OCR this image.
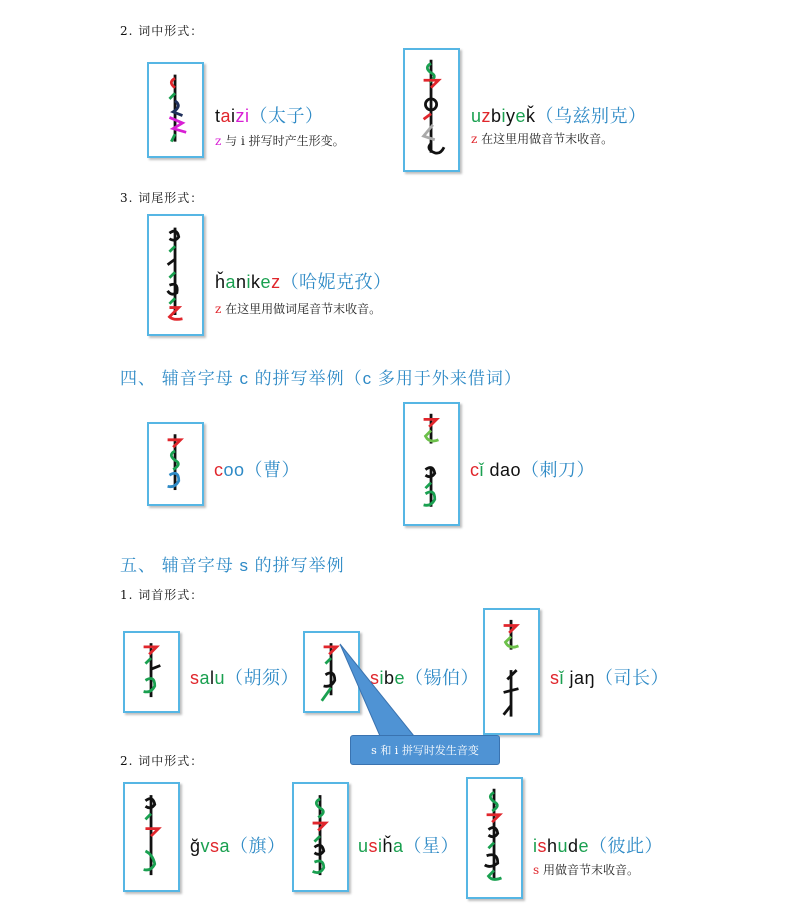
2. 词中形式：
taizi（太子）
z 与 i 拼写时产生形变。
uzbiyeǩ（乌兹别克）
z 在这里用做音节末收音。
3. 词尾形式：
ȟanikez（哈妮克孜）
z 在这里用做词尾音节末收音。
四、 辅音字母 c 的拼写举例（c 多用于外来借词）
coo（曹）	cǐ dao（刺刀）
五、 辅音字母 s 的拼写举例
1. 词首形式：
salu（胡须）	sibe（锡伯）	sǐ jaŋ（司长）
s 和 i 拼写时发生音变
2. 词中形式：
ğvsa（旗）	usiȟa（星）	ishude（彼此）
s 用做音节末收音。
